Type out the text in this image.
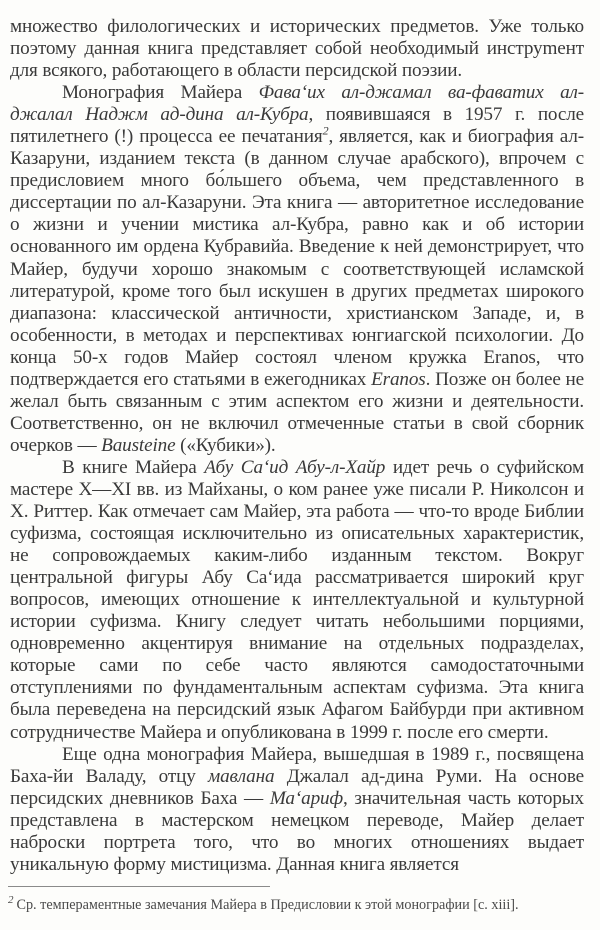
множество филологических и исторических предметов. Уже только поэтому данная книга представляет собой необходимый инструmент для всякого, работающего в области персидской поэзии.

Монография Майера Фава‘их ал-джамал ва-фаватих ал-джалал Наджм ад-дина ал-Кубра, появившаяся в 1957 г. после пятилетнего (!) процесса ее печатания$^2$, является, как и биография ал-Казаруни, изданием текста (в данном случае арабского), впрочем с предисловием много бо́льшего объема, чем представленного в диссертации по ал-Казаруни. Эта книга — авторитетное исследование о жизни и учении мистика ал-Кубра, равно как и об истории основанного им ордена Кубравийа. Введение к ней демонстрирует, что Майер, будучи хорошо знакомым с соответствующей исламской литературой, кроме того был искушен в других предметах широкого диапазона: классической античности, христианском Западе, и, в особенности, в методах и перспективах юнгиагской психологии. До конца 50-х годов Майер состоял членом кружка Eranos, что подтверждается его статьями в ежегодниках Eranos. Позже он более не желал быть связанным с этим аспектом его жизни и деятельности. Соответственно, он не включил отмеченные статьи в свой сборник очерков — Bausteine («Кубики»).

В книге Майера Абу Са‘ид Абу-л-Хайр идет речь о суфийском мастере X—XI вв. из Майханы, о ком ранее уже писали Р. Николсон и Х. Риттер. Как отмечает сам Майер, эта работа — что-то вроде Библии суфизма, состоящая исключительно из описательных характеристик, не сопровождаемых каким-либо изданным текстом. Вокруг центральной фигуры Абу Са‘ида рассматривается широкий круг вопросов, имеющих отношение к интеллектуальной и культурной истории суфизма. Книгу следует читать небольшими порциями, одновременно акцентируя внимание на отдельных подразделах, которые сами по себе часто являются самодостаточными отступлениями по фундаментальным аспектам суфизма. Эта книга была переведена на персидский язык Афагом Байбурди при активном сотрудничестве Майера и опубликована в 1999 г. после его смерти.

Еще одна монография Майера, вышедшая в 1989 г., посвящена Баха-йи Валаду, отцу мавлана Джалал ад-дина Руми. На основе персидских дневников Баха — Ма‘ариф, значительная часть которых представлена в мастерском немецком переводе, Майер делает наброски портрета того, что во многих отношениях выдает уникальную форму мистицизма. Данная книга является

$^2$ Ср. темпераментные замечания Майера в Предисловии к этой монографии [с. xiii].
